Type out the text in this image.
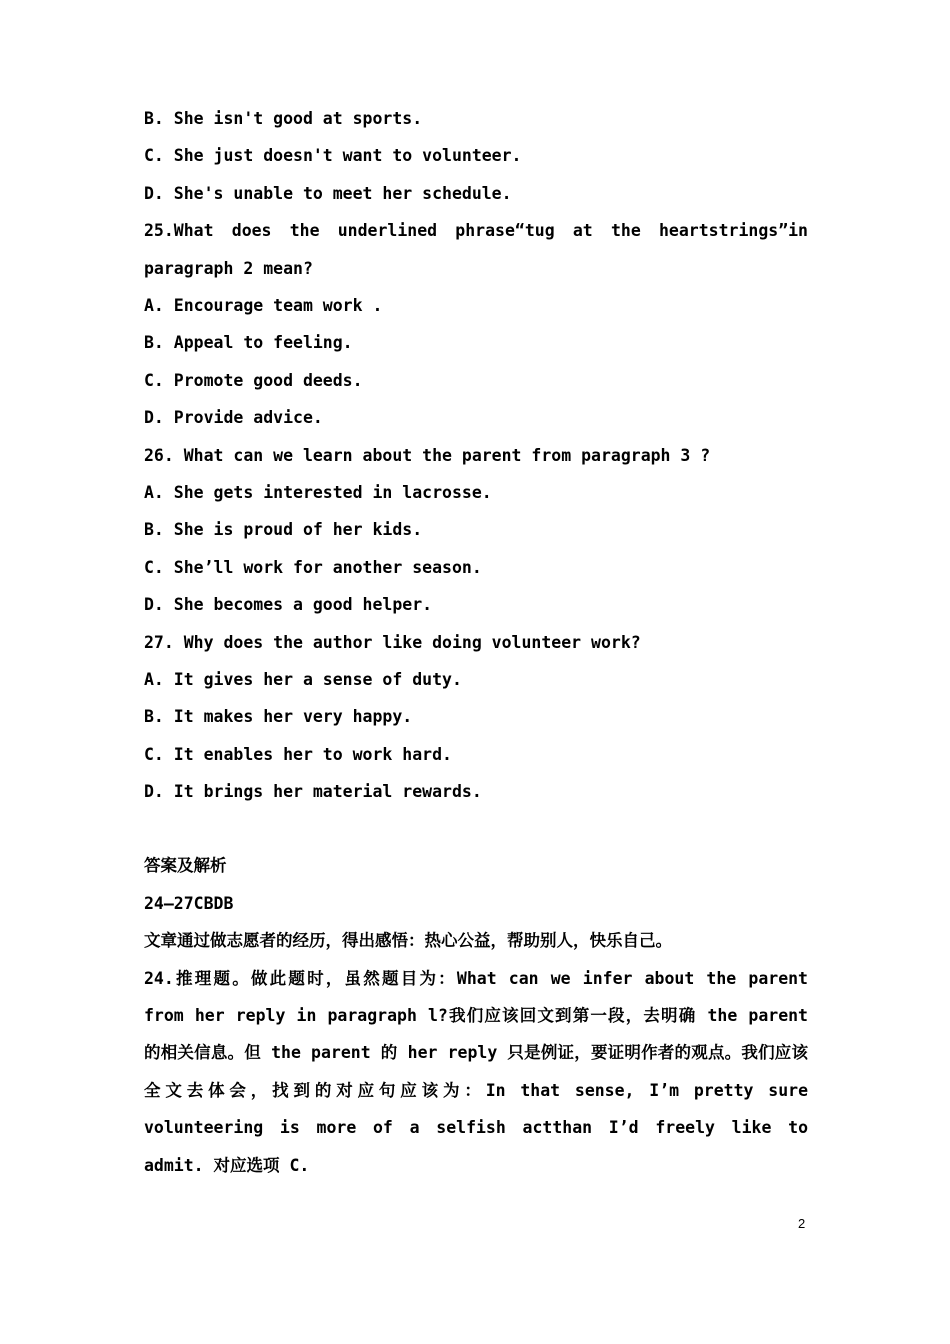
B. She isn't good at sports.
C. She just doesn't want to volunteer.
D. She's unable to meet her schedule.
25.What does the underlined phrase“tug at the heartstrings”in paragraph 2 mean?
A. Encourage team work .
B. Appeal to feeling.
C. Promote good deeds.
D. Provide advice.
26. What can we learn about the parent from paragraph 3 ?
A. She gets interested in lacrosse.
B. She is proud of her kids.
C. She’ll work for another season.
D. She becomes a good helper.
27. Why does the author like doing volunteer work?
A. It gives her a sense of duty.
B. It makes her very happy.
C. It enables her to work hard.
D. It brings her material rewards.
答案及解析
24—27CBDB
文章通过做志愿者的经历，得出感悟：热心公益，帮助别人，快乐自己。
24.推理题。做此题时，虽然题目为：What can we infer about the parent from her reply in paragraph l?我们应该回文到第一段，去明确 the parent 的相关信息。但 the parent 的 her reply 只是例证，要证明作者的观点。我们应该全文去体会，找到的对应句应该为：In that sense, I’m pretty sure volunteering is more of a selfish actthan I’d freely like to admit. 对应选项 C.
2
